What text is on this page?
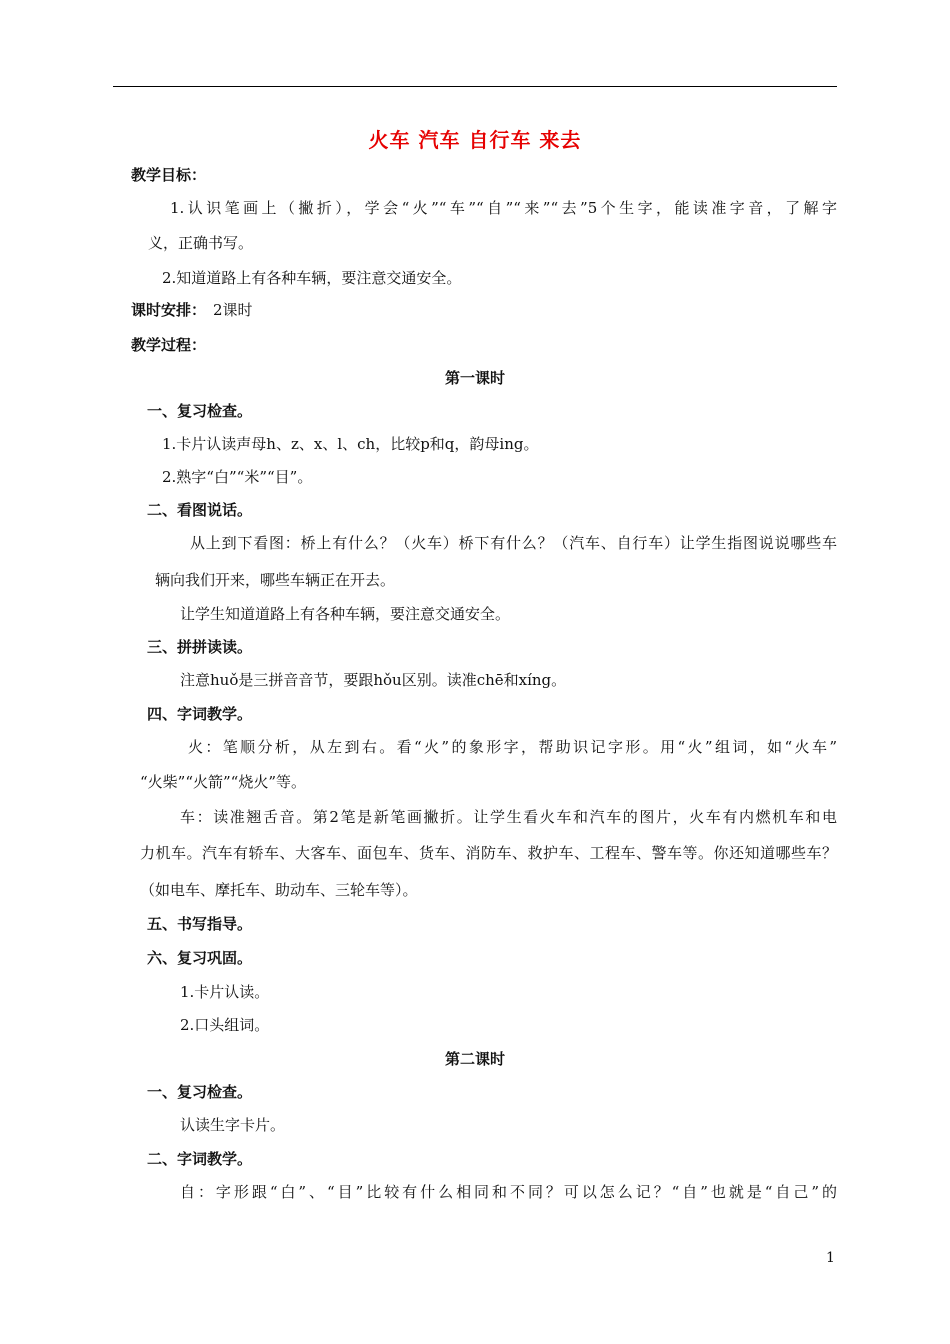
火车 汽车 自行车 来去
教学目标：
1.认识笔画上（撇折），学会“火”“车”“自”“来”“去”5个生字，能读准字音，了解字
义，正确书写。
2.知道道路上有各种车辆，要注意交通安全。
课时安排： 2课时
教学过程：
第一课时
一、复习检查。
1.卡片认读声母h、z、x、l、ch，比较p和q，韵母ing。
2.熟字“白”“米”“目”。
二、看图说话。
从上到下看图：桥上有什么？（火车）桥下有什么？（汽车、自行车）让学生指图说说哪些车
辆向我们开来，哪些车辆正在开去。
让学生知道道路上有各种车辆，要注意交通安全。
三、拼拼读读。
注意huǒ是三拼音音节，要跟hǒu区别。读准chē和xíng。
四、字词教学。
火：笔顺分析，从左到右。看“火”的象形字，帮助识记字形。用“火”组词，如“火车”
“火柴”“火箭”“烧火”等。
车：读准翘舌音。第2笔是新笔画撇折。让学生看火车和汽车的图片，火车有内燃机车和电
力机车。汽车有轿车、大客车、面包车、货车、消防车、救护车、工程车、警车等。你还知道哪些车？
（如电车、摩托车、助动车、三轮车等）。
五、书写指导。
六、复习巩固。
1.卡片认读。
2.口头组词。
第二课时
一、复习检查。
认读生字卡片。
二、字词教学。
自：字形跟“白”、“目”比较有什么相同和不同？可以怎么记？“自”也就是“自己”的
1
